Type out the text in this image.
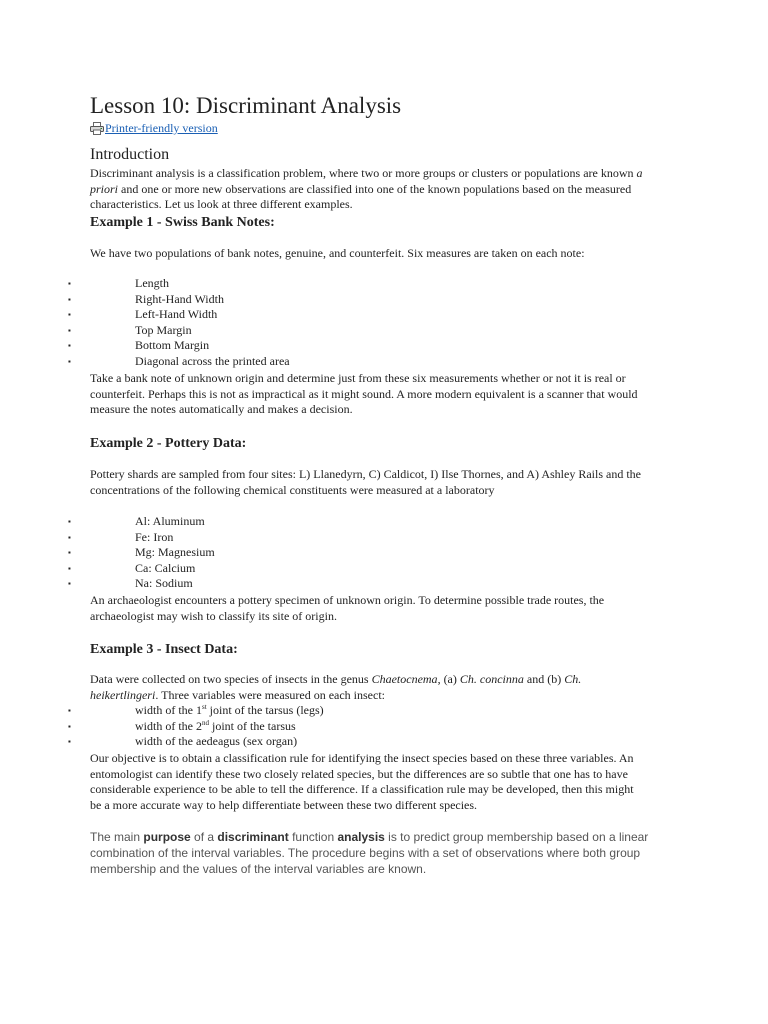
Lesson 10: Discriminant Analysis
Printer-friendly version
Introduction

Discriminant analysis is a classification problem, where two or more groups or clusters or populations are known a priori and one or more new observations are classified into one of the known populations based on the measured characteristics. Let us look at three different examples.

Example 1 - Swiss Bank Notes:

We have two populations of bank notes, genuine, and counterfeit. Six measures are taken on each note:

▪	Length
▪	Right-Hand Width
▪	Left-Hand Width
▪	Top Margin
▪	Bottom Margin
▪	Diagonal across the printed area

Take a bank note of unknown origin and determine just from these six measurements whether or not it is real or counterfeit. Perhaps this is not as impractical as it might sound. A more modern equivalent is a scanner that would measure the notes automatically and makes a decision.

Example 2 - Pottery Data:

Pottery shards are sampled from four sites: L) Llanedyrn, C) Caldicot, I) Ilse Thornes, and A) Ashley Rails and the concentrations of the following chemical constituents were measured at a laboratory

▪	Al: Aluminum
▪	Fe: Iron
▪	Mg: Magnesium
▪	Ca: Calcium
▪	Na: Sodium

An archaeologist encounters a pottery specimen of unknown origin. To determine possible trade routes, the archaeologist may wish to classify its site of origin.

Example 3 - Insect Data:

Data were collected on two species of insects in the genus Chaetocnema, (a) Ch. concinna and (b) Ch. heikertlingeri. Three variables were measured on each insect:

▪	width of the 1st joint of the tarsus (legs)
▪	width of the 2nd joint of the tarsus
▪	width of the aedeagus (sex organ)

Our objective is to obtain a classification rule for identifying the insect species based on these three variables. An entomologist can identify these two closely related species, but the differences are so subtle that one has to have considerable experience to be able to tell the difference. If a classification rule may be developed, then this might be a more accurate way to help differentiate between these two different species.

The main purpose of a discriminant function analysis is to predict group membership based on a linear combination of the interval variables. The procedure begins with a set of observations where both group membership and the values of the interval variables are known.
